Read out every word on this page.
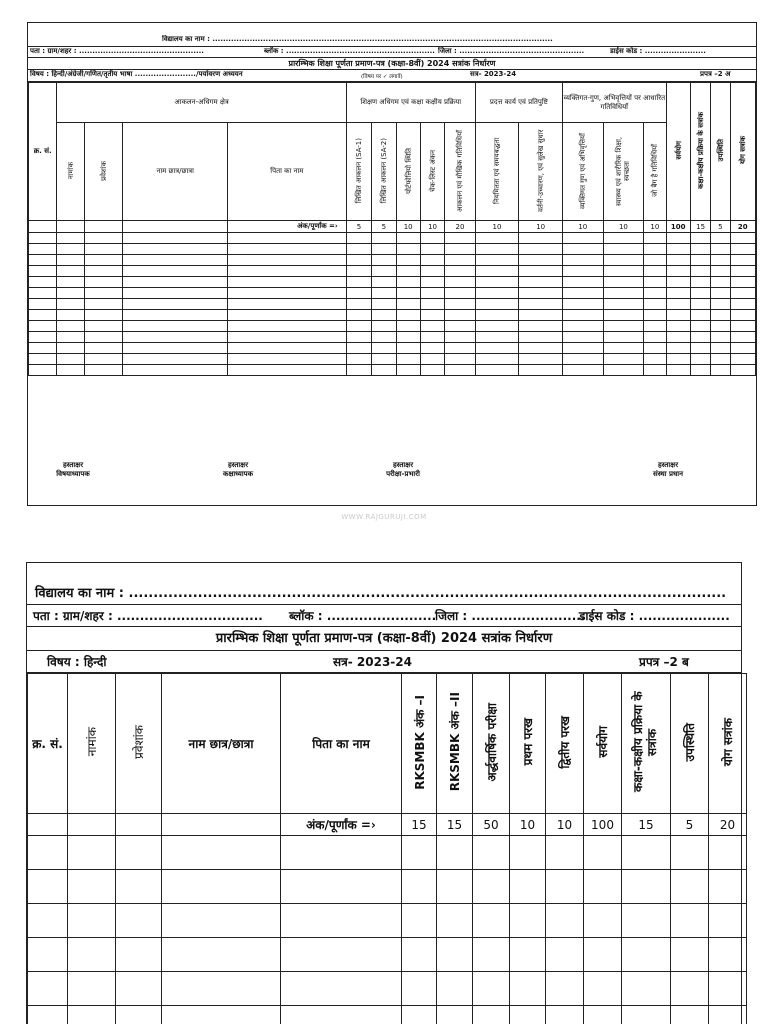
विद्यालय का नाम : ................................................................................................................................
पता : ग्राम/शहर : ...............................................	ब्लॉक : ........................................................ जिला : ...............................................	डाईस कोड : .......................
प्रारम्भिक शिक्षा पूर्णता प्रमाण-पत्र (कक्षा-8वीं) 2024 सत्रांक निर्धारण
विषय : हिन्दी/अंग्रेजी/गणित/तृतीय भाषा ......................./पर्यावरण अध्ययन	(विषय पर ✓ लगावें)	सत्र- 2023-24	प्रपत्र –2 अ
क्र. सं.	आकलन-अधिगम क्षेत्र				शिक्षण अधिगम एवं कक्षा कक्षीय प्रक्रिया					प्रदत्त कार्य एवं प्रतिपुष्टि		व्यक्तिगत-गुण, अभिवृत्तियों पर आधारित गतिविधियाँ			सर्वयोग	कक्षा-कक्षीय प्रक्रिया के सत्रांक	उपस्थिति	योग सत्रांक
	नामांक	प्रवेशांक	नाम छात्र/छात्रा	पिता का नाम	लिखित आकलन (SA-1)	लिखित आकलन (SA-2)	पोर्टफोलियो स्थिति	चेक-लिस्ट अंकन	आकलन एवं मौखिक गतिविधियाँ	नियमितता एवं समयबद्धता	वर्तनी-उच्चारण, एवं सुलेख सुधार	व्यक्तिगत गुण एवं अभिवृत्तियाँ	स्वास्थ्य एवं शारीरिक शिक्षा, स्वच्छता	जो बैग है गतिविधियाँ				
				अंक/पूर्णांक =›	5	5	10	10	20	10	10	10	10	10	100	15	5	20

हस्ताक्षर
विषयाध्यापक
हस्ताक्षर
कक्षाध्यापक
हस्ताक्षर
परीक्षा-प्रभारी
हस्ताक्षर
संस्था प्रधान
WWW.RAJGURUJI.COM
विद्यालय का नाम : .........................................................................................................................
पता : ग्राम/शहर : ................................ ब्लॉक : ........................
जिला : .........................
डाईस कोड : ....................
प्रारम्भिक शिक्षा पूर्णता प्रमाण-पत्र (कक्षा-8वीं) 2024 सत्रांक निर्धारण
विषय : हिन्दी	सत्र- 2023-24	प्रपत्र –2 ब
क्र. सं.	नामांक	प्रवेशांक	नाम छात्र/छात्रा	पिता का नाम	RKSMBK अंक –I	RKSMBK अंक –II	अर्द्धवार्षिक परीक्षा	प्रथम परख	द्वितीय परख	सर्वयोग	कक्षा-कक्षीय प्रक्रिया के सत्रांक	उपस्थिति	योग सत्रांक
				अंक/पूर्णांक =›	15	15	50	10	10	100	15	5	20
